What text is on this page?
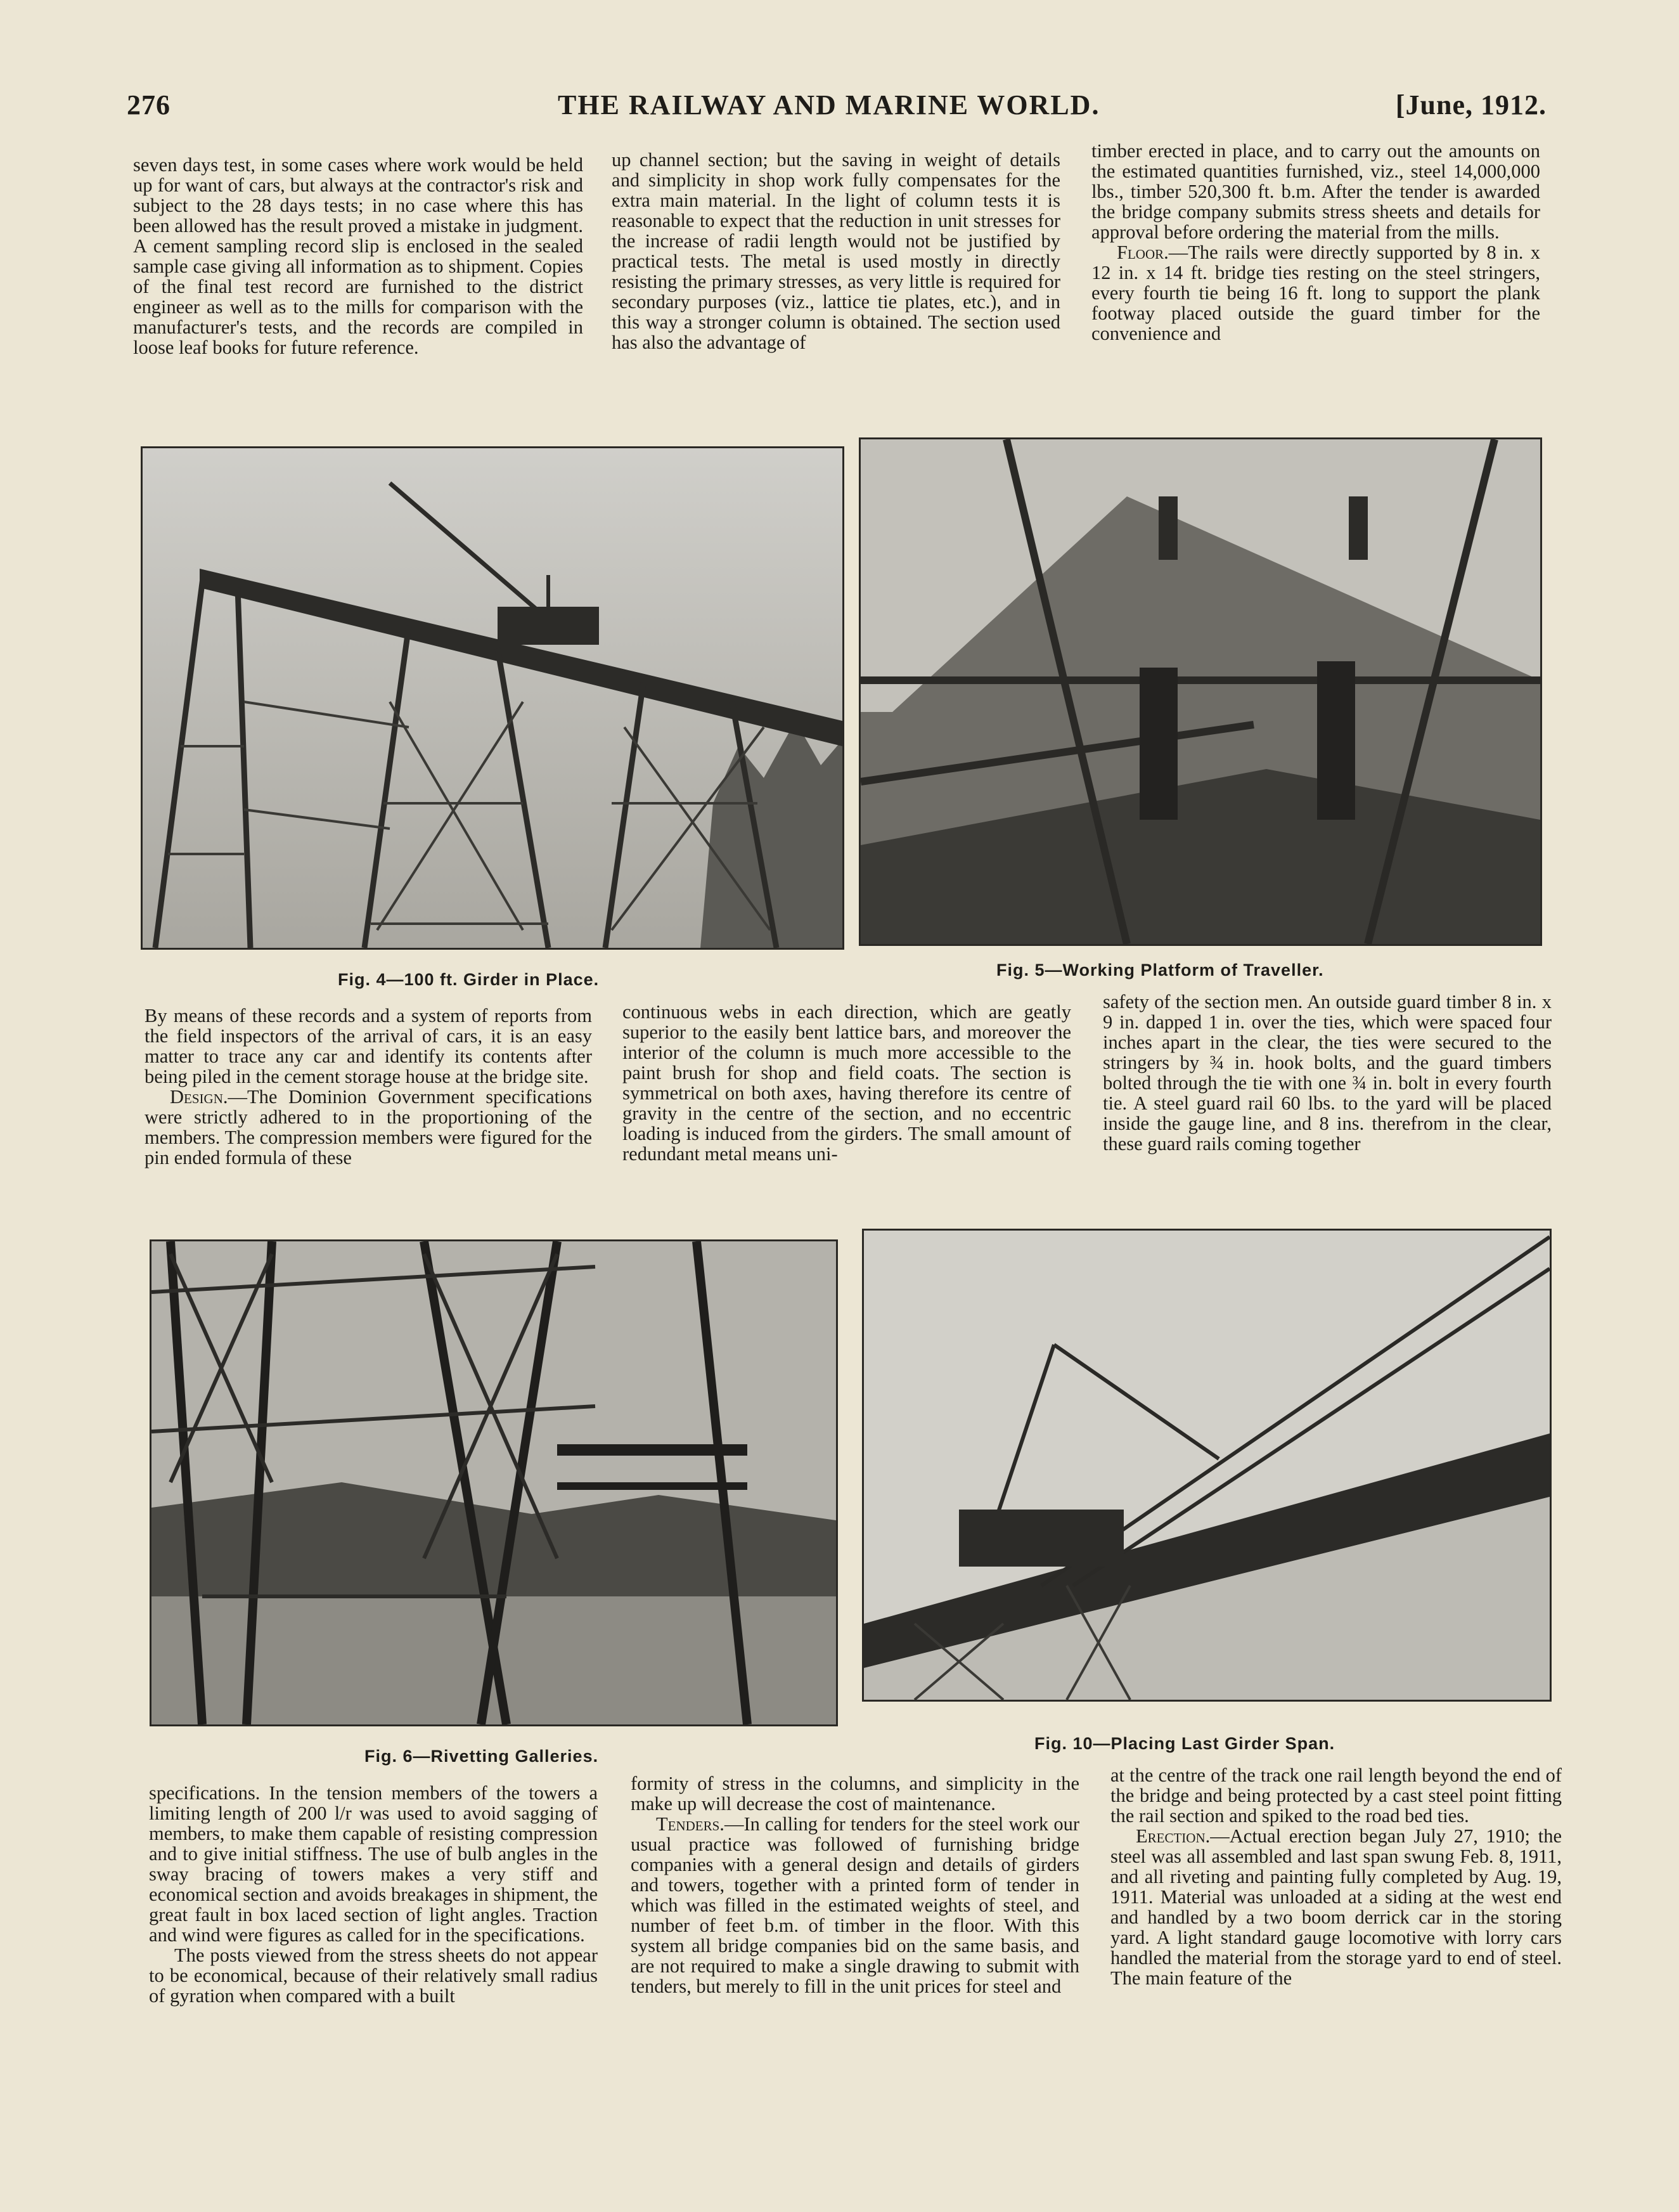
276	THE RAILWAY AND MARINE WORLD.	[June, 1912.

seven days test, in some cases where work would be held up for want of cars, but always at the contractor's risk and subject to the 28 days tests; in no case where this has been allowed has the result proved a mistake in judgment. A cement sampling record slip is enclosed in the sealed sample case giving all information as to shipment. Copies of the final test record are furnished to the district engineer as well as to the mills for comparison with the manufacturer's tests, and the records are compiled in loose leaf books for future reference.

up channel section; but the saving in weight of details and simplicity in shop work fully compensates for the extra main material. In the light of column tests it is reasonable to expect that the reduction in unit stresses for the increase of radii length would not be justified by practical tests. The metal is used mostly in directly resisting the primary stresses, as very little is required for secondary purposes (viz., lattice tie plates, etc.), and in this way a stronger column is obtained. The section used has also the advantage of

timber erected in place, and to carry out the amounts on the estimated quantities furnished, viz., steel 14,000,000 lbs., timber 520,300 ft. b.m. After the tender is awarded the bridge company submits stress sheets and details for approval before ordering the material from the mills.

Floor.—The rails were directly supported by 8 in. x 12 in. x 14 ft. bridge ties resting on the steel stringers, every fourth tie being 16 ft. long to support the plank footway placed outside the guard timber for the convenience and

Fig. 4—100 ft. Girder in Place.	Fig. 5—Working Platform of Traveller.

By means of these records and a system of reports from the field inspectors of the arrival of cars, it is an easy matter to trace any car and identify its contents after being piled in the cement storage house at the bridge site.

Design.—The Dominion Government specifications were strictly adhered to in the proportioning of the members. The compression members were figured for the pin ended formula of these

continuous webs in each direction, which are geatly superior to the easily bent lattice bars, and moreover the interior of the column is much more accessible to the paint brush for shop and field coats. The section is symmetrical on both axes, having therefore its centre of gravity in the centre of the section, and no eccentric loading is induced from the girders. The small amount of redundant metal means uni-

safety of the section men. An outside guard timber 8 in. x 9 in. dapped 1 in. over the ties, which were spaced four inches apart in the clear, the ties were secured to the stringers by ¾ in. hook bolts, and the guard timbers bolted through the tie with one ¾ in. bolt in every fourth tie. A steel guard rail 60 lbs. to the yard will be placed inside the gauge line, and 8 ins. therefrom in the clear, these guard rails coming together

Fig. 6—Rivetting Galleries.
Fig. 10—Placing Last Girder Span.

specifications. In the tension members of the towers a limiting length of 200 l/r was used to avoid sagging of members, to make them capable of resisting compression and to give initial stiffness. The use of bulb angles in the sway bracing of towers makes a very stiff and economical section and avoids breakages in shipment, the great fault in box laced section of light angles. Traction and wind were figures as called for in the specifications.

The posts viewed from the stress sheets do not appear to be economical, because of their relatively small radius of gyration when compared with a built

formity of stress in the columns, and simplicity in the make up will decrease the cost of maintenance.

Tenders.—In calling for tenders for the steel work our usual practice was followed of furnishing bridge companies with a general design and details of girders and towers, together with a printed form of tender in which was filled in the estimated weights of steel, and number of feet b.m. of timber in the floor. With this system all bridge companies bid on the same basis, and are not required to make a single drawing to submit with tenders, but merely to fill in the unit prices for steel and

at the centre of the track one rail length beyond the end of the bridge and being protected by a cast steel point fitting the rail section and spiked to the road bed ties.

Erection.—Actual erection began July 27, 1910; the steel was all assembled and last span swung Feb. 8, 1911, and all riveting and painting fully completed by Aug. 19, 1911. Material was unloaded at a siding at the west end and handled by a two boom derrick car in the storing yard. A light standard gauge locomotive with lorry cars handled the material from the storage yard to end of steel. The main feature of the
